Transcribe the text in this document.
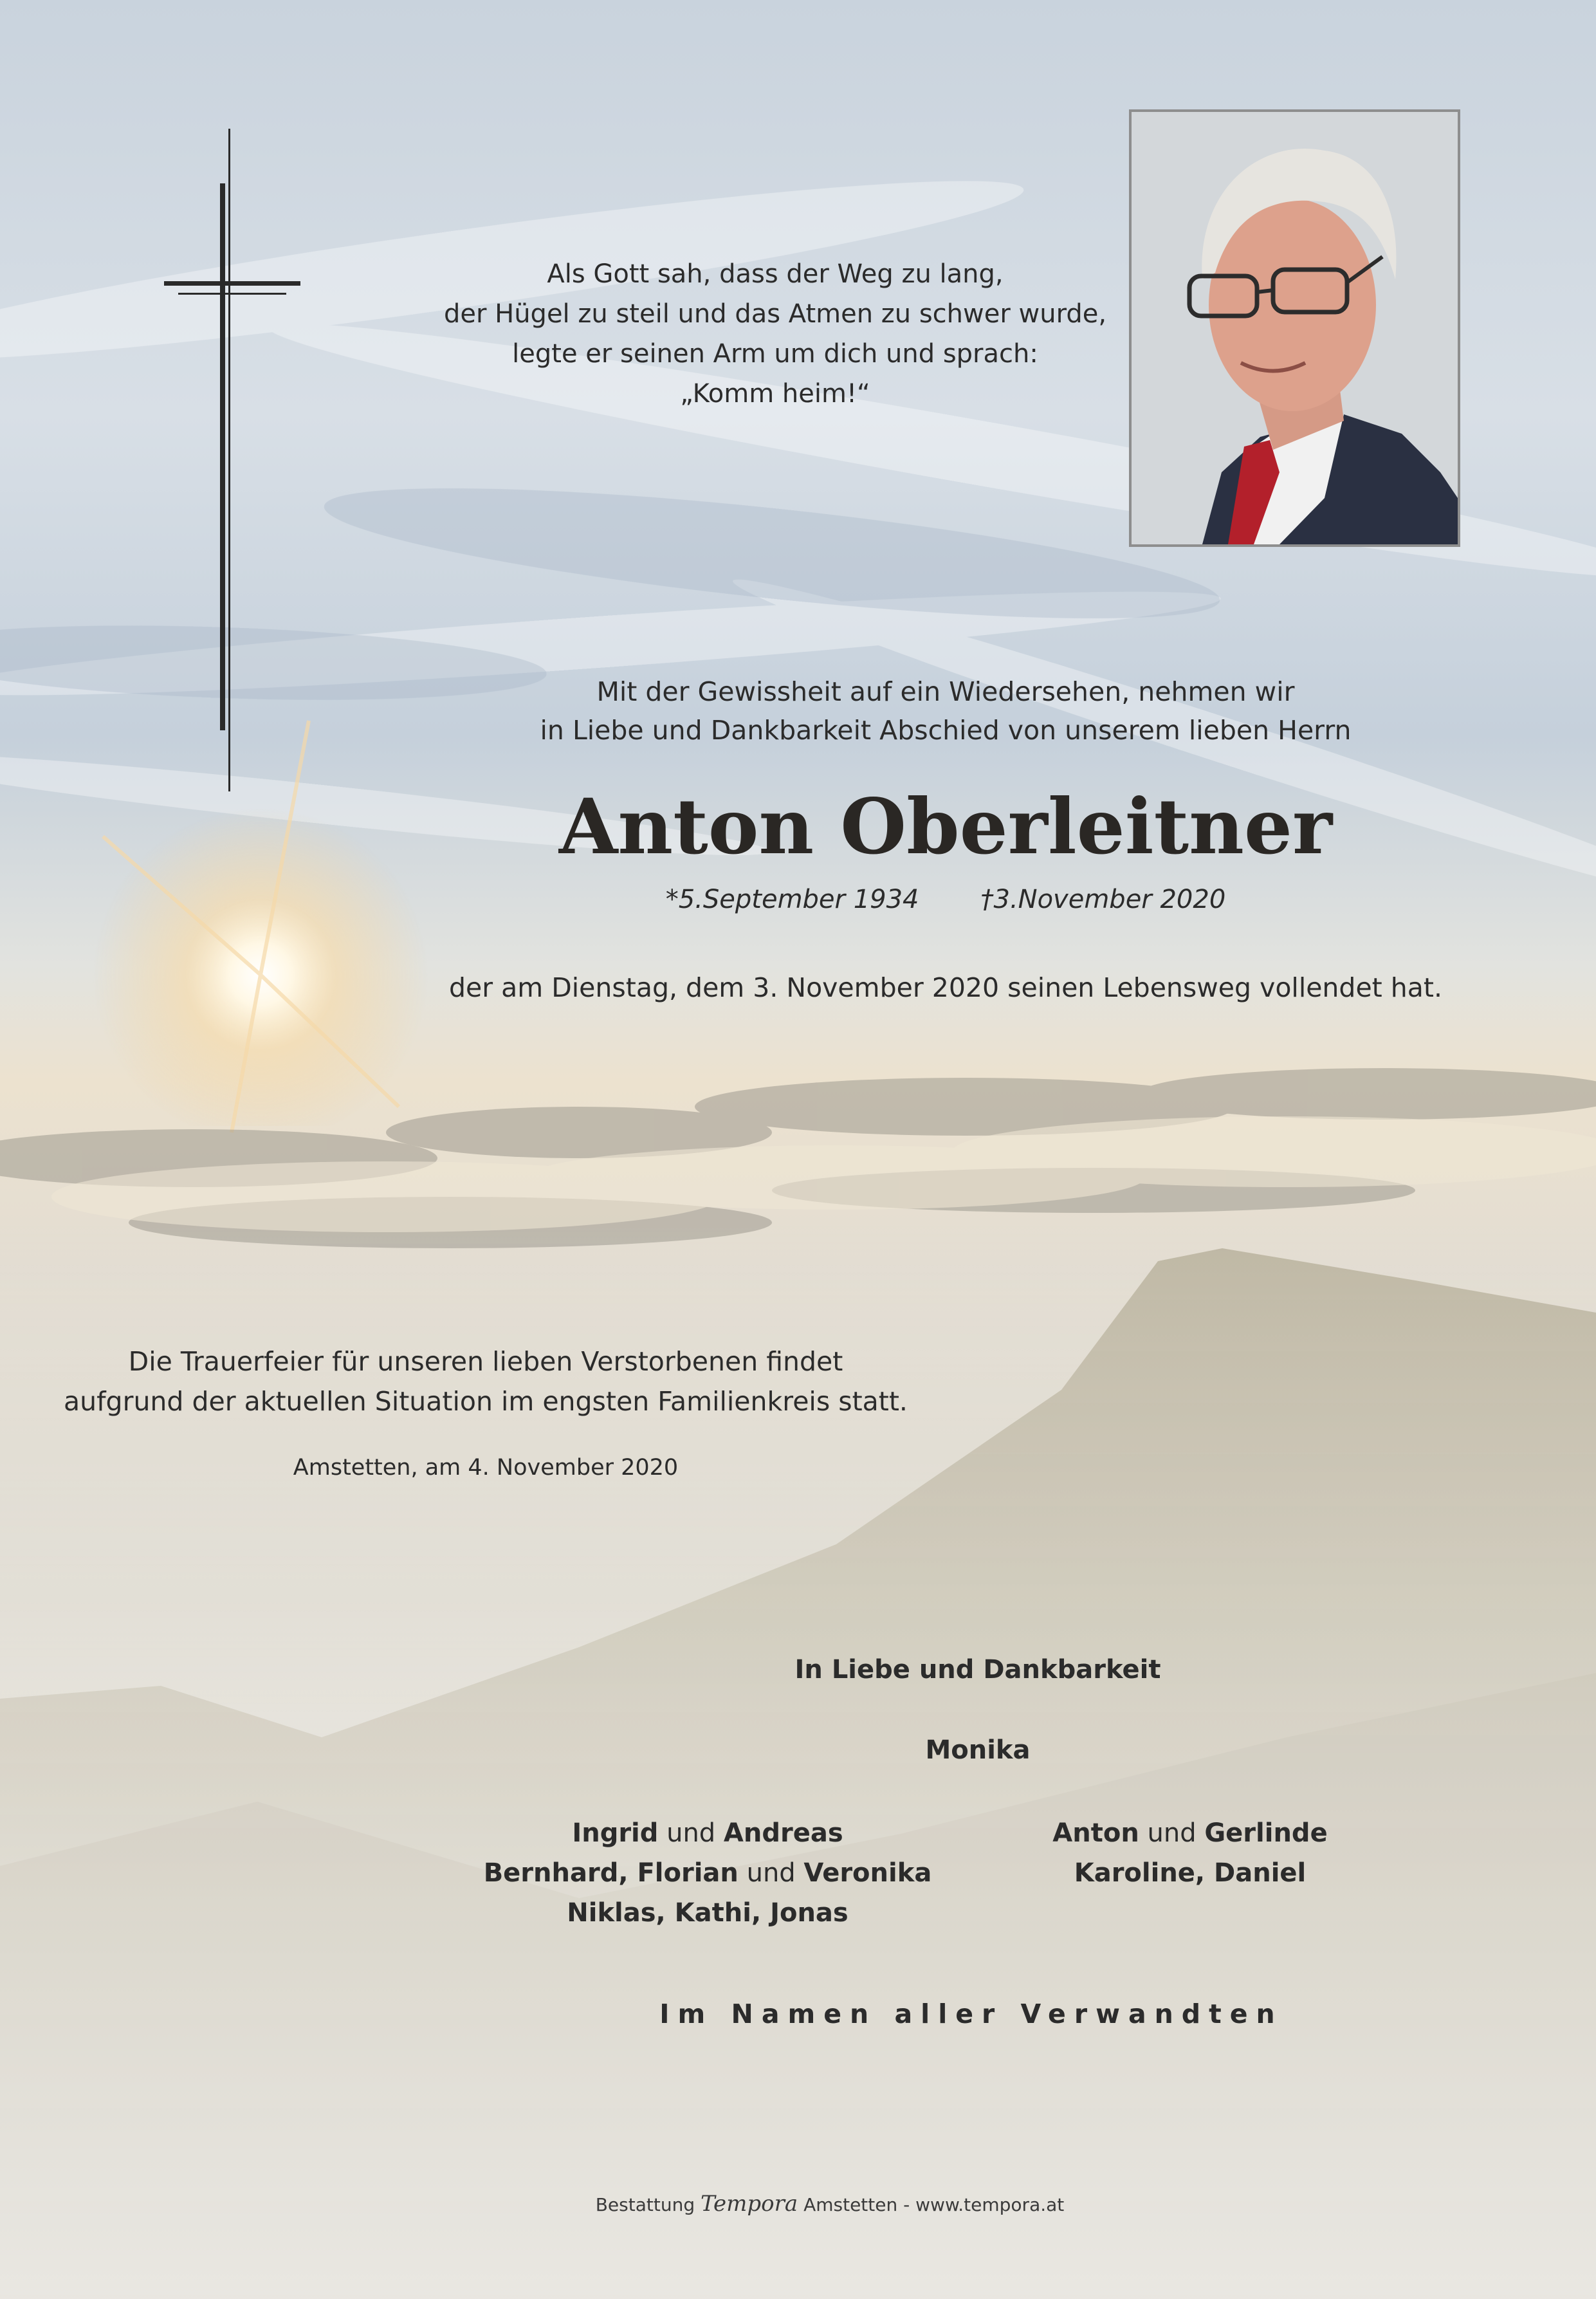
Als Gott sah, dass der Weg zu lang,
der Hügel zu steil und das Atmen zu schwer wurde,
legte er seinen Arm um dich und sprach:
„Komm heim!“
Mit der Gewissheit auf ein Wiedersehen, nehmen wir
in Liebe und Dankbarkeit Abschied von unserem lieben Herrn
Anton Oberleitner
*5.September 1934 †3.November 2020
der am Dienstag, dem 3. November 2020 seinen Lebensweg vollendet hat.
Die Trauerfeier für unseren lieben Verstorbenen findet
aufgrund der aktuellen Situation im engsten Familienkreis statt.
Amstetten, am 4. November 2020
In Liebe und Dankbarkeit
Monika
Ingrid und Andreas
Bernhard, Florian und Veronika
Niklas, Kathi, Jonas
Anton und Gerlinde
Karoline, Daniel
Im Namen aller Verwandten
Bestattung Tempora Amstetten - www.tempora.at
